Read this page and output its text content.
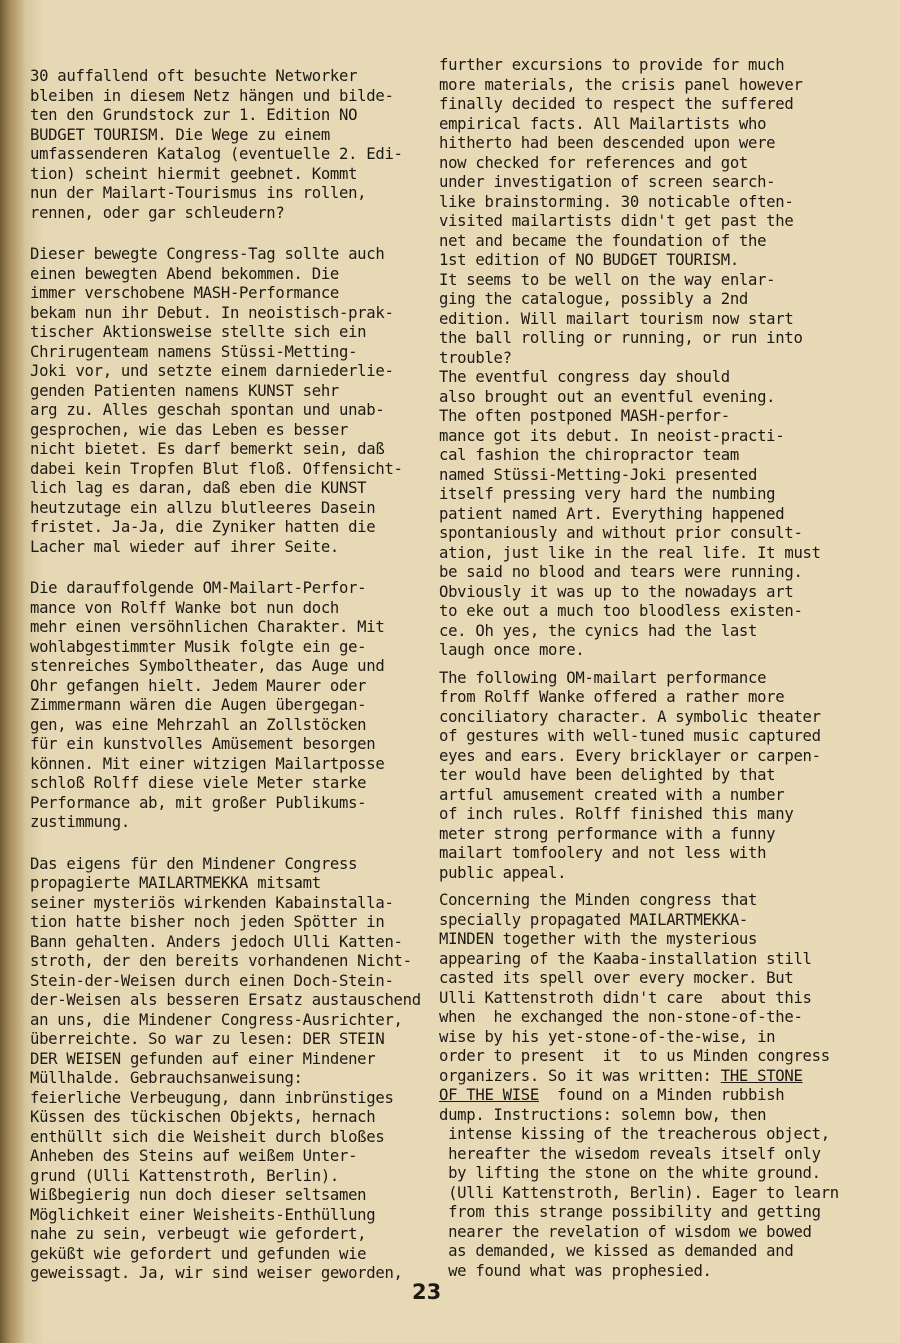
30 auffallend oft besuchte Networker
bleiben in diesem Netz hängen und bilde-
ten den Grundstock zur 1. Edition NO
BUDGET TOURISM. Die Wege zu einem
umfassenderen Katalog (eventuelle 2. Edi-
tion) scheint hiermit geebnet. Kommt
nun der Mailart-Tourismus ins rollen,
rennen, oder gar schleudern?
Dieser bewegte Congress-Tag sollte auch
einen bewegten Abend bekommen. Die
immer verschobene MASH-Performance
bekam nun ihr Debut. In neoistisch-prak-
tischer Aktionsweise stellte sich ein
Chrirugenteam namens Stüssi-Metting-
Joki vor, und setzte einem darniederlie-
genden Patienten namens KUNST sehr
arg zu. Alles geschah spontan und unab-
gesprochen, wie das Leben es besser
nicht bietet. Es darf bemerkt sein, daß
dabei kein Tropfen Blut floß. Offensicht-
lich lag es daran, daß eben die KUNST
heutzutage ein allzu blutleeres Dasein
fristet. Ja-Ja, die Zyniker hatten die
Lacher mal wieder auf ihrer Seite.
Die darauffolgende OM-Mailart-Perfor-
mance von Rolff Wanke bot nun doch
mehr einen versöhnlichen Charakter. Mit
wohlabgestimmter Musik folgte ein ge-
stenreiches Symboltheater, das Auge und
Ohr gefangen hielt. Jedem Maurer oder
Zimmermann wären die Augen übergegan-
gen, was eine Mehrzahl an Zollstöcken
für ein kunstvolles Amüsement besorgen
können. Mit einer witzigen Mailartposse
schloß Rolff diese viele Meter starke
Performance ab, mit großer Publikums-
zustimmung.
Das eigens für den Mindener Congress
propagierte MAILARTMEKKA mitsamt
seiner mysteriös wirkenden Kabainstalla-
tion hatte bisher noch jeden Spötter in
Bann gehalten. Anders jedoch Ulli Katten-
stroth, der den bereits vorhandenen Nicht-
Stein-der-Weisen durch einen Doch-Stein-
der-Weisen als besseren Ersatz austauschend
an uns, die Mindener Congress-Ausrichter,
überreichte. So war zu lesen: DER STEIN
DER WEISEN gefunden auf einer Mindener
Müllhalde. Gebrauchsanweisung:
feierliche Verbeugung, dann inbrünstiges
Küssen des tückischen Objekts, hernach
enthüllt sich die Weisheit durch bloßes
Anheben des Steins auf weißem Unter-
grund (Ulli Kattenstroth, Berlin).
Wißbegierig nun doch dieser seltsamen
Möglichkeit einer Weisheits-Enthüllung
nahe zu sein, verbeugt wie gefordert,
geküßt wie gefordert und gefunden wie
geweissagt. Ja, wir sind weiser geworden,
further excursions to provide for much
more materials, the crisis panel however
finally decided to respect the suffered
empirical facts. All Mailartists who
hitherto had been descended upon were
now checked for references and got
under investigation of screen search-
like brainstorming. 30 noticable often-
visited mailartists didn't get past the
net and became the foundation of the
1st edition of NO BUDGET TOURISM.
It seems to be well on the way enlar-
ging the catalogue, possibly a 2nd
edition. Will mailart tourism now start
the ball rolling or running, or run into
trouble?
The eventful congress day should
also brought out an eventful evening.
The often postponed MASH-perfor-
mance got its debut. In neoist-practi-
cal fashion the chiropractor team
named Stüssi-Metting-Joki presented
itself pressing very hard the numbing
patient named Art. Everything happened
spontaniously and without prior consult-
ation, just like in the real life. It must
be said no blood and tears were running.
Obviously it was up to the nowadays art
to eke out a much too bloodless existen-
ce. Oh yes, the cynics had the last
laugh once more.
The following OM-mailart performance
from Rolff Wanke offered a rather more
conciliatory character. A symbolic theater
of gestures with well-tuned music captured
eyes and ears. Every bricklayer or carpen-
ter would have been delighted by that
artful amusement created with a number
of inch rules. Rolff finished this many
meter strong performance with a funny
mailart tomfoolery and not less with
public appeal.
Concerning the Minden congress that
specially propagated MAILARTMEKKA-
MINDEN together with the mysterious
appearing of the Kaaba-installation still
casted its spell over every mocker. But
Ulli Kattenstroth didn't care  about this
when  he exchanged the non-stone-of-the-
wise by his yet-stone-of-the-wise, in
order to present  it  to us Minden congress
organizers. So it was written: THE STONE
OF THE WISE  found on a Minden rubbish
dump. Instructions: solemn bow, then
intense kissing of the treacherous object,
hereafter the wisedom reveals itself only
by lifting the stone on the white ground.
(Ulli Kattenstroth, Berlin). Eager to learn
from this strange possibility and getting
nearer the revelation of wisdom we bowed
as demanded, we kissed as demanded and
we found what was prophesied.
23
